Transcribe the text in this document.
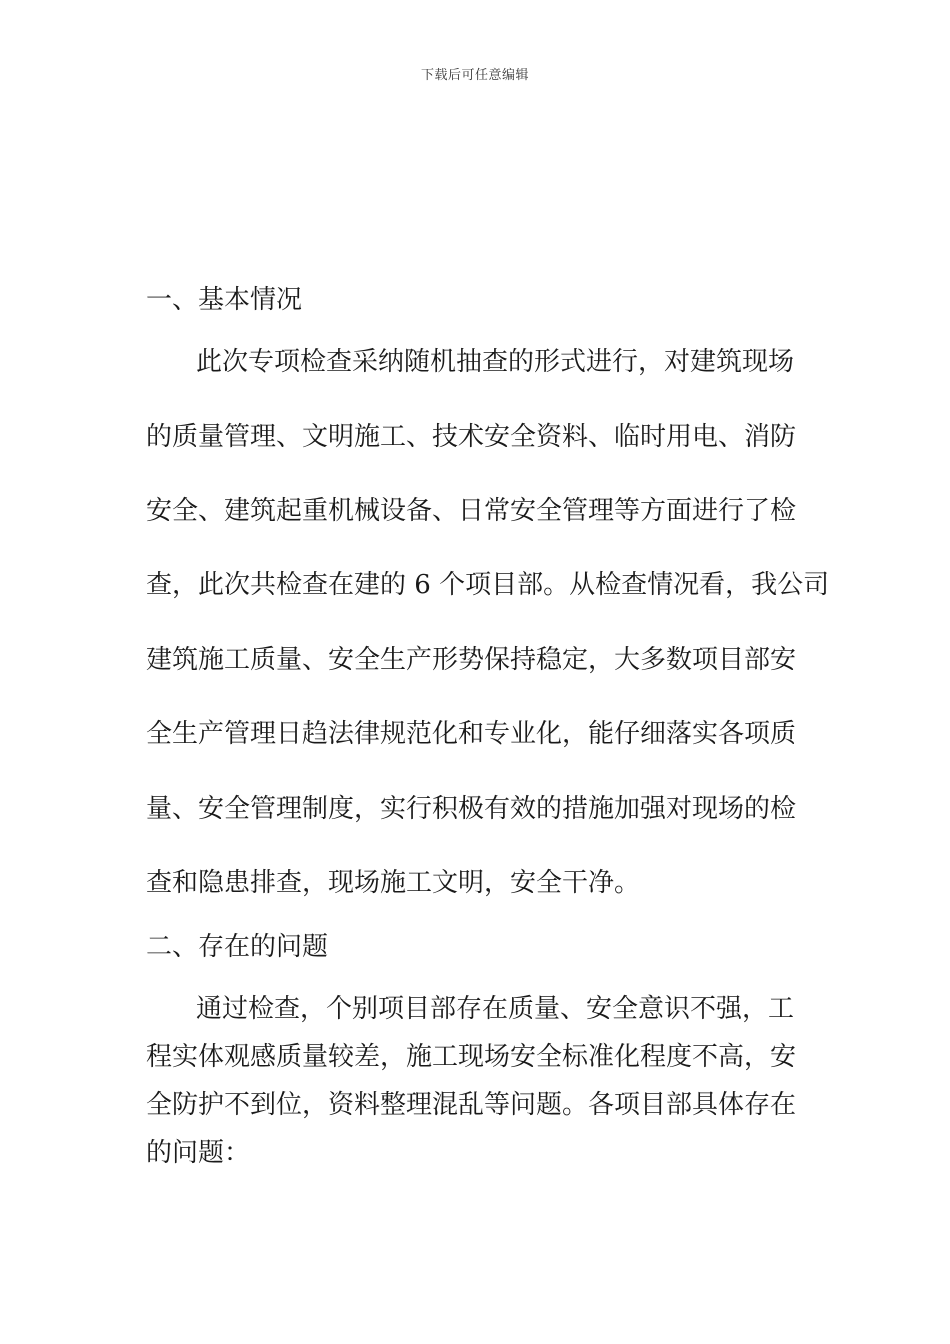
下载后可任意编辑
一、基本情况
此次专项检查采纳随机抽查的形式进行，对建筑现场
的质量管理、文明施工、技术安全资料、临时用电、消防
安全、建筑起重机械设备、日常安全管理等方面进行了检
查，此次共检查在建的 6 个项目部。从检查情况看，我公司
建筑施工质量、安全生产形势保持稳定，大多数项目部安
全生产管理日趋法律规范化和专业化，能仔细落实各项质
量、安全管理制度，实行积极有效的措施加强对现场的检
查和隐患排查，现场施工文明，安全干净。
二、存在的问题
通过检查，个别项目部存在质量、安全意识不强，工
程实体观感质量较差，施工现场安全标准化程度不高，安
全防护不到位，资料整理混乱等问题。各项目部具体存在
的问题：
